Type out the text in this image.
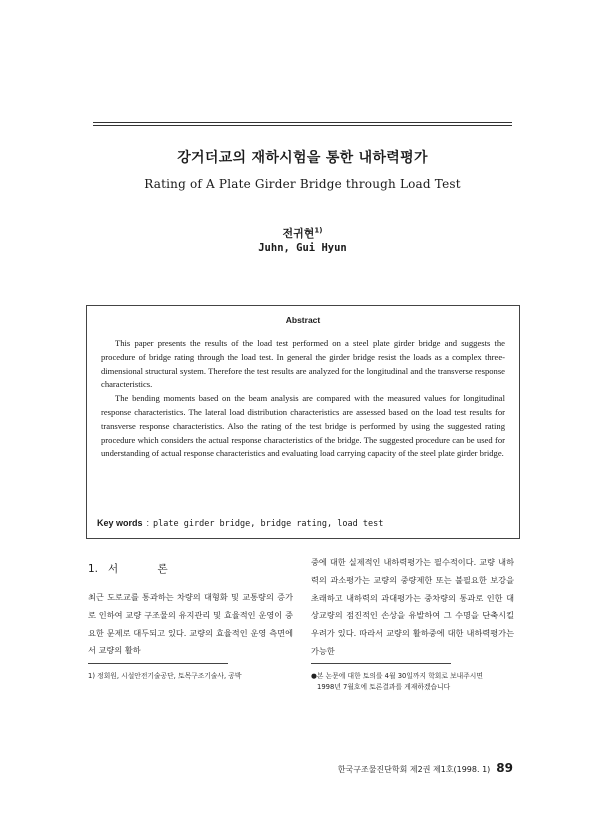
강거더교의 재하시험을 통한 내하력평가
Rating of A Plate Girder Bridge through Load Test
전귀현$^{1)}$
Juhn, Gui Hyun
Abstract

This paper presents the results of the load test performed on a steel plate girder bridge and suggests the procedure of bridge rating through the load test. In general the girder bridge resist the loads as a complex three-dimensional structural system. Therefore the test results are analyzed for the longitudinal and the transverse response characteristics.

The bending moments based on the beam analysis are compared with the measured values for longitudinal response characteristics. The lateral load distribution characteristics are assessed based on the load test results for transverse response characteristics. Also the rating of the test bridge is performed by using the suggested rating procedure which considers the actual response characteristics of the bridge. The suggested procedure can be used for understanding of actual response characteristics and evaluating load carrying capacity of the steel plate girder bridge.

Key words : plate girder bridge, bridge rating, load test
1. 서 론
최근 도로교를 통과하는 차량의 대형화 및 교통량의 증가로 인하여 교량 구조물의 유지관리 및 효율적인 운영이 중요한 문제로 대두되고 있다. 교량의 효율적인 운영 측면에서 교량의 활하
중에 대한 실제적인 내하력평가는 필수적이다. 교량 내하력의 과소평가는 교량의 중량제한 또는 불필요한 보강을 초래하고 내하력의 과대평가는 중차량의 통과로 인한 대상교량의 점진적인 손상을 유발하여 그 수명을 단축시킬 우려가 있다. 따라서 교량의 활하중에 대한 내하력평가는 가능한
1) 정회원, 시설안전기술공단, 토목구조기술사, 공박	●본 논문에 대한 토의를 4월 30일까지 학회로 보내주시면
1998년 7월호에 토론결과를 게재하겠습니다
한국구조물진단학회 제2권 제1호(1998. 1) 89
